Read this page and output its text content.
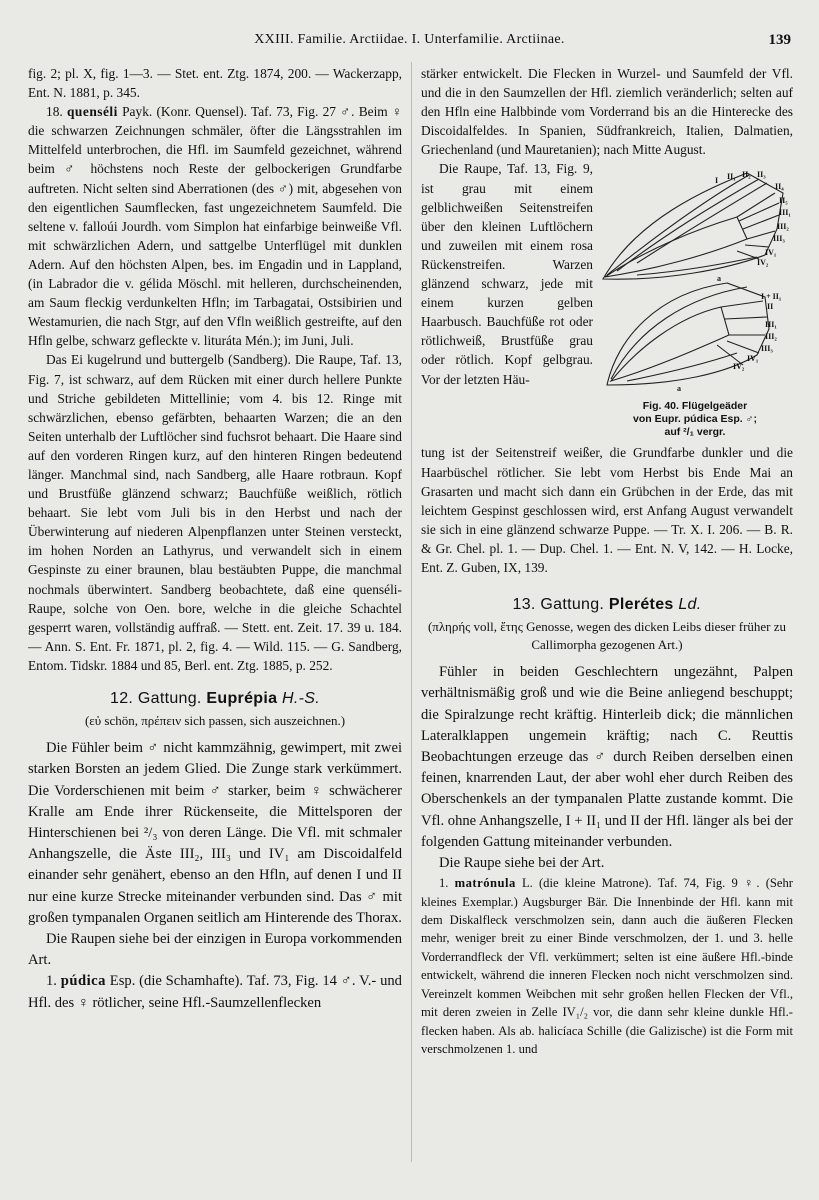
XXIII. Familie. Arctiidae. I. Unterfamilie. Arctiinae.	139

fig. 2; pl. X, fig. 1—3. — Stet. ent. Ztg. 1874, 200. — Wackerzapp, Ent. N. 1881, p. 345.

18. quenséli Payk. (Konr. Quensel). Taf. 73, Fig. 27 ♂. Beim ♀ die schwarzen Zeichnungen schmäler, öfter die Längsstrahlen im Mittelfeld unterbrochen, die Hfl. im Saumfeld gezeichnet, während beim ♂ höchstens noch Reste der gelbockerigen Grundfarbe auftreten. Nicht selten sind Aberrationen (des ♂) mit, abgesehen von den eigentlichen Saumflecken, fast ungezeichnetem Saumfeld. Die seltene v. falloúi Jourdh. vom Simplon hat einfarbige beinweiße Vfl. mit schwärzlichen Adern, und sattgelbe Unterflügel mit dunklen Adern. Auf den höchsten Alpen, bes. im Engadin und in Lappland, (in Labrador die v. gélida Möschl. mit helleren, durchscheinenden, am Saum fleckig verdunkelten Hfln; im Tarbagatai, Ostsibirien und Westamurien, die nach Stgr, auf den Vfln weißlich gestreifte, auf den Hfln gelbe, schwarz gefleckte v. lituráta Mén.); im Juni, Juli.

Das Ei kugelrund und buttergelb (Sandberg). Die Raupe, Taf. 13, Fig. 7, ist schwarz, auf dem Rücken mit einer durch hellere Punkte und Striche gebildeten Mittellinie; vom 4. bis 12. Ringe mit schwärzlichen, ebenso gefärbten, behaarten Warzen; die an den Seiten unterhalb der Luftlöcher sind fuchsrot behaart. Die Haare sind auf den vorderen Ringen kurz, auf den hinteren Ringen bedeutend länger. Manchmal sind, nach Sandberg, alle Haare rotbraun. Kopf und Brustfüße glänzend schwarz; Bauchfüße weißlich, rötlich behaart. Sie lebt vom Juli bis in den Herbst und nach der Überwinterung auf niederen Alpenpflanzen unter Steinen versteckt, im hohen Norden an Lathyrus, und verwandelt sich in einem Gespinste zu einer braunen, blau bestäubten Puppe, die manchmal nochmals überwintert. Sandberg beobachtete, daß eine quenséli-Raupe, solche von Oen. bore, welche in die gleiche Schachtel gesperrt waren, vollständig auffraß. — Stett. ent. Zeit. 17. 39 u. 184. — Ann. S. Ent. Fr. 1871, pl. 2, fig. 4. — Wild. 115. — G. Sandberg, Entom. Tidskr. 1884 und 85, Berl. ent. Ztg. 1885, p. 252.

12. Gattung. Euprépia H.-S.
(εὐ schön, πρέπειν sich passen, sich auszeichnen.)

Die Fühler beim ♂ nicht kammzähnig, gewimpert, mit zwei starken Borsten an jedem Glied. Die Zunge stark verkümmert. Die Vorderschienen mit beim ♂ starker, beim ♀ schwächerer Kralle am Ende ihrer Rückenseite, die Mittelsporen der Hinterschienen bei ²/₃ von deren Länge. Die Vfl. mit schmaler Anhangszelle, die Äste III₂, III₃ und IV₁ am Discoidalfeld einander sehr genähert, ebenso an den Hfln, auf denen I und II nur eine kurze Strecke miteinander verbunden sind. Das ♂ mit großen tympanalen Organen seitlich am Hinterende des Thorax.

Die Raupen siehe bei der einzigen in Europa vorkommenden Art.

1. púdica Esp. (die Schamhafte). Taf. 73, Fig. 14 ♂. V.- und Hfl. des ♀ rötlicher, seine Hfl.-Saumzellenflecken

stärker entwickelt. Die Flecken in Wurzel- und Saumfeld der Vfl. und die in den Saumzellen der Hfl. ziemlich veränderlich; selten auf den Hfln eine Halbbinde vom Vorderrand bis an die Hinterecke des Discoidalfeldes. In Spanien, Südfrankreich, Italien, Dalmatien, Griechenland (und Mauretanien); nach Mitte August.

I II₁ II₂ II₃
II₄
II₅
III₁
III₂
III₃
IV₁
IV₂
I + II₁
II
III₁
III₂
III₃
IV₁
IV₂
a
a
Fig. 40. Flügelgeäder
von Eupr. púdica Esp. ♂;
auf ²/₁ vergr.

Die Raupe, Taf. 13, Fig. 9, ist grau mit einem gelblichweißen Seitenstreifen über den kleinen Luftlöchern und zuweilen mit einem rosa Rückenstreifen. Warzen glänzend schwarz, jede mit einem kurzen gelben Haarbusch. Bauchfüße rot oder rötlichweiß, Brustfüße grau oder rötlich. Kopf gelbgrau. Vor der letzten Häu-

tung ist der Seitenstreif weißer, die Grundfarbe dunkler und die Haarbüschel rötlicher. Sie lebt vom Herbst bis Ende Mai an Grasarten und macht sich dann ein Grübchen in der Erde, das mit leichtem Gespinst geschlossen wird, erst Anfang August verwandelt sie sich in eine glänzend schwarze Puppe. — Tr. X. I. 206. — B. R. & Gr. Chel. pl. 1. — Dup. Chel. 1. — Ent. N. V, 142. — H. Locke, Ent. Z. Guben, IX, 139.

13. Gattung. Plerétes Ld.
(πληρής voll, ἔτης Genosse, wegen des dicken Leibs dieser früher zu Callimorpha gezogenen Art.)

Fühler in beiden Geschlechtern ungezähnt, Palpen verhältnismäßig groß und wie die Beine anliegend beschuppt; die Spiralzunge recht kräftig. Hinterleib dick; die männlichen Lateralklappen ungemein kräftig; nach C. Reuttis Beobachtungen erzeuge das ♂ durch Reiben derselben einen feinen, knarrenden Laut, der aber wohl eher durch Reiben des Oberschenkels an der tympanalen Platte zustande kommt. Die Vfl. ohne Anhangszelle, I + II₁ und II der Hfl. länger als bei der folgenden Gattung miteinander verbunden.

Die Raupe siehe bei der Art.

1. matrónula L. (die kleine Matrone). Taf. 74, Fig. 9 ♀. (Sehr kleines Exemplar.) Augsburger Bär. Die Innenbinde der Hfl. kann mit dem Diskalfleck verschmolzen sein, dann auch die äußeren Flecken mehr, weniger breit zu einer Binde verschmolzen, der 1. und 3. helle Vorderrandfleck der Vfl. verkümmert; selten ist eine äußere Hfl.-binde entwickelt, während die inneren Flecken noch nicht verschmolzen sind. Vereinzelt kommen Weibchen mit sehr großen hellen Flecken der Vfl., mit deren zweien in Zelle IV₁/₂ vor, die dann sehr kleine dunkle Hfl.-flecken haben. Als ab. halicíaca Schille (die Galizische) ist die Form mit verschmolzenen 1. und
